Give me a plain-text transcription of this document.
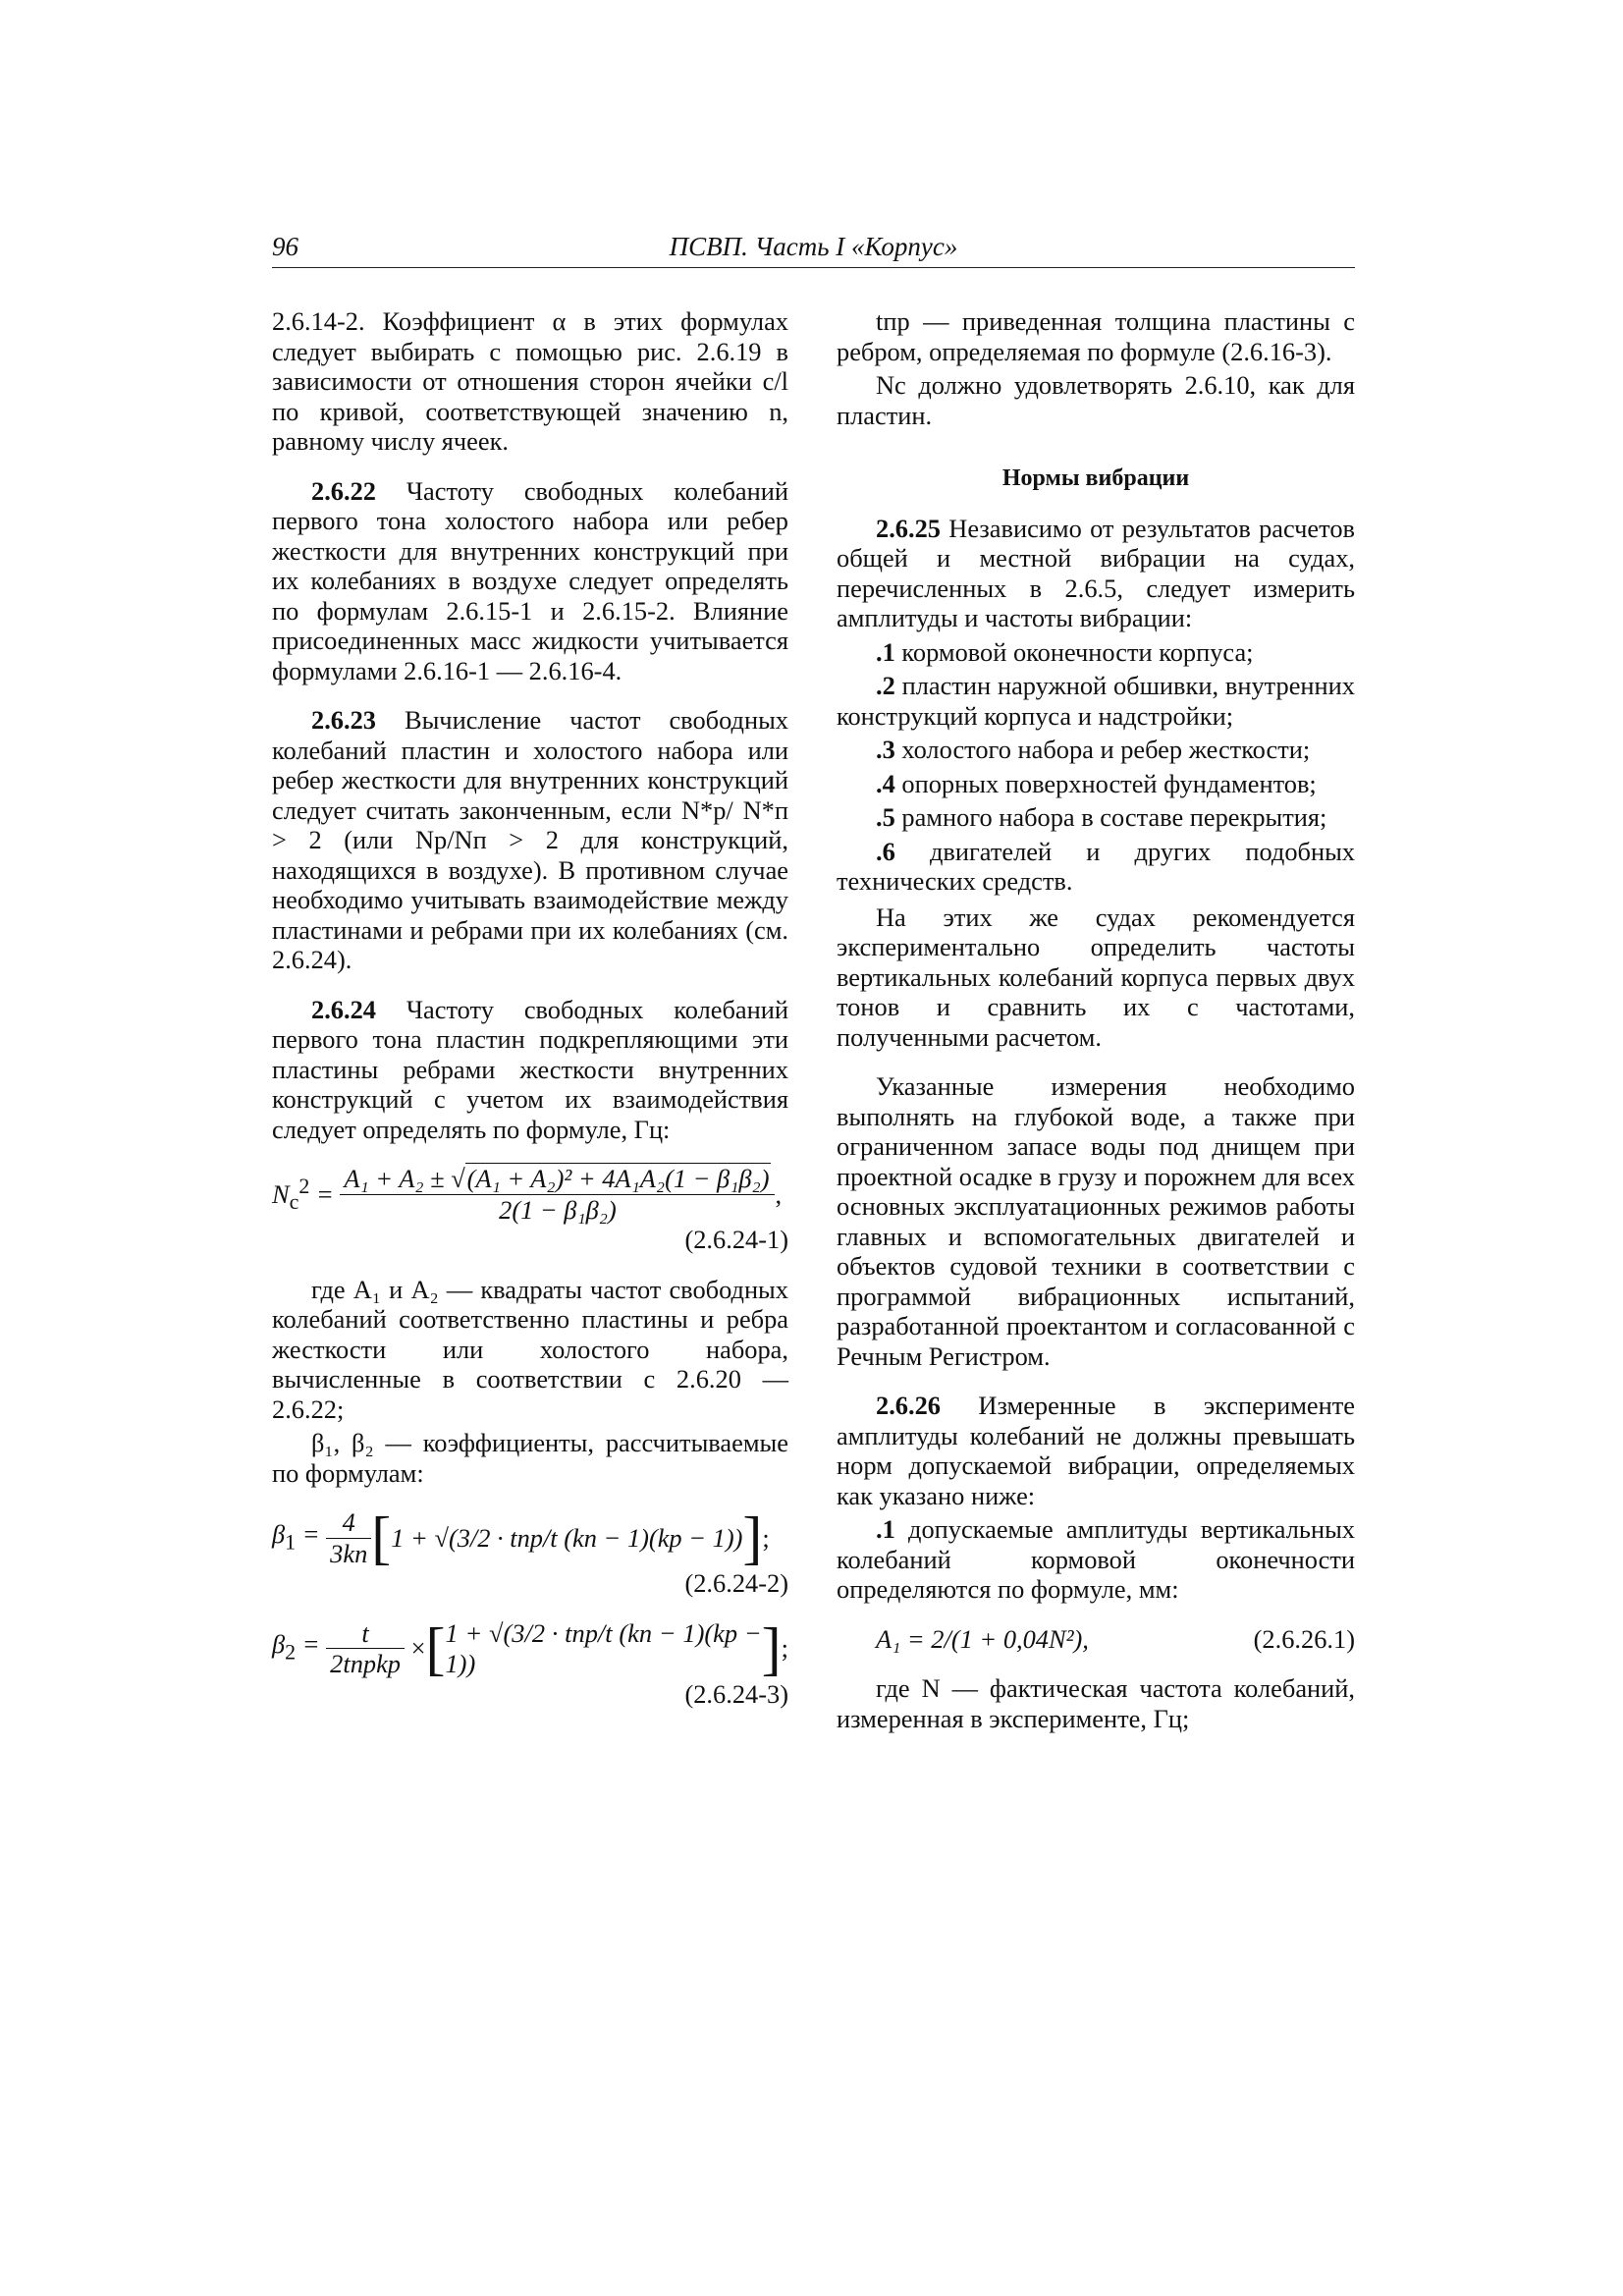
96	ПСВП. Часть I «Корпус»

2.6.14-2. Коэффициент α в этих формулах следует выбирать с помощью рис. 2.6.19 в зависимости от отношения сторон ячейки c/l по кривой, соответствующей значению n, равному числу ячеек.

2.6.22 Частоту свободных колебаний первого тона холостого набора или ребер жесткости для внутренних конструкций при их колебаниях в воздухе следует определять по формулам 2.6.15-1 и 2.6.15-2. Влияние присоединенных масс жидкости учитывается формулами 2.6.16-1 — 2.6.16-4.

2.6.23 Вычисление частот свободных колебаний пластин и холостого набора или ребер жесткости для внутренних конструкций следует считать законченным, если N*р/ N*п > 2 (или Nр/Nп > 2 для конструкций, находящихся в воздухе). В противном случае необходимо учитывать взаимодействие между пластинами и ребрами при их колебаниях (см. 2.6.24).

2.6.24 Частоту свободных колебаний первого тона пластин подкрепляющими эти пластины ребрами жесткости внутренних конструкций с учетом их взаимодействия следует определять по формуле, Гц:

$N_с^2 = \frac{\text{A₁ + A₂ ± √(A₁ + A₂)² + 4A₁A₂(1 − β₁β₂)}}{\text{2(1 − β₁β₂)}}$ ,
(2.6.24-1)

где A₁ и A₂ — квадраты частот свободных колебаний соответственно пластины и ребра жесткости или холостого набора, вычисленные в соответствии с 2.6.20 — 2.6.22;

β₁, β₂ — коэффициенты, рассчитываемые по формулам:

$\beta_1 = \frac{4}{3kп}$ [ 1 + √(3/2 · tпр/t (kп − 1)(kр − 1)) ] ;
(2.6.24-2)
$\beta_2 = \frac{t}{\text{2tпрkр}}$ × [ 1 + √(3/2 · tпр/t (kп − 1)(kр − 1))	] ;
(2.6.24-3)

tпр — приведенная толщина пластины с ребром, определяемая по формуле (2.6.16-3).

Nс должно удовлетворять 2.6.10, как для пластин.

Нормы вибрации

2.6.25 Независимо от результатов расчетов общей и местной вибрации на судах, перечисленных в 2.6.5, следует измерить амплитуды и частоты вибрации:

.1 кормовой оконечности корпуса;

.2 пластин наружной обшивки, внутренних конструкций корпуса и надстройки;

.3 холостого набора и ребер жесткости;

.4 опорных поверхностей фундаментов;

.5 рамного набора в составе перекрытия;

.6 двигателей и других подобных технических средств.

На этих же судах рекомендуется экспериментально определить частоты вертикальных колебаний корпуса первых двух тонов и сравнить их с частотами, полученными расчетом.

Указанные измерения необходимо выполнять на глубокой воде, а также при ограниченном запасе воды под днищем при проектной осадке в грузу и порожнем для всех основных эксплуатационных режимов работы главных и вспомогательных двигателей и объектов судовой техники в соответствии с программой вибрационных испытаний, разработанной проектантом и согласованной с Речным Регистром.

2.6.26 Измеренные в эксперименте амплитуды колебаний не должны превышать норм допускаемой вибрации, определяемых как указано ниже:

.1 допускаемые амплитуды вертикальных колебаний кормовой оконечности определяются по формуле, мм:

A₁ = 2/(1 + 0,04N²),	(2.6.26.1)

где N — фактическая частота колебаний, измеренная в эксперименте, Гц;
